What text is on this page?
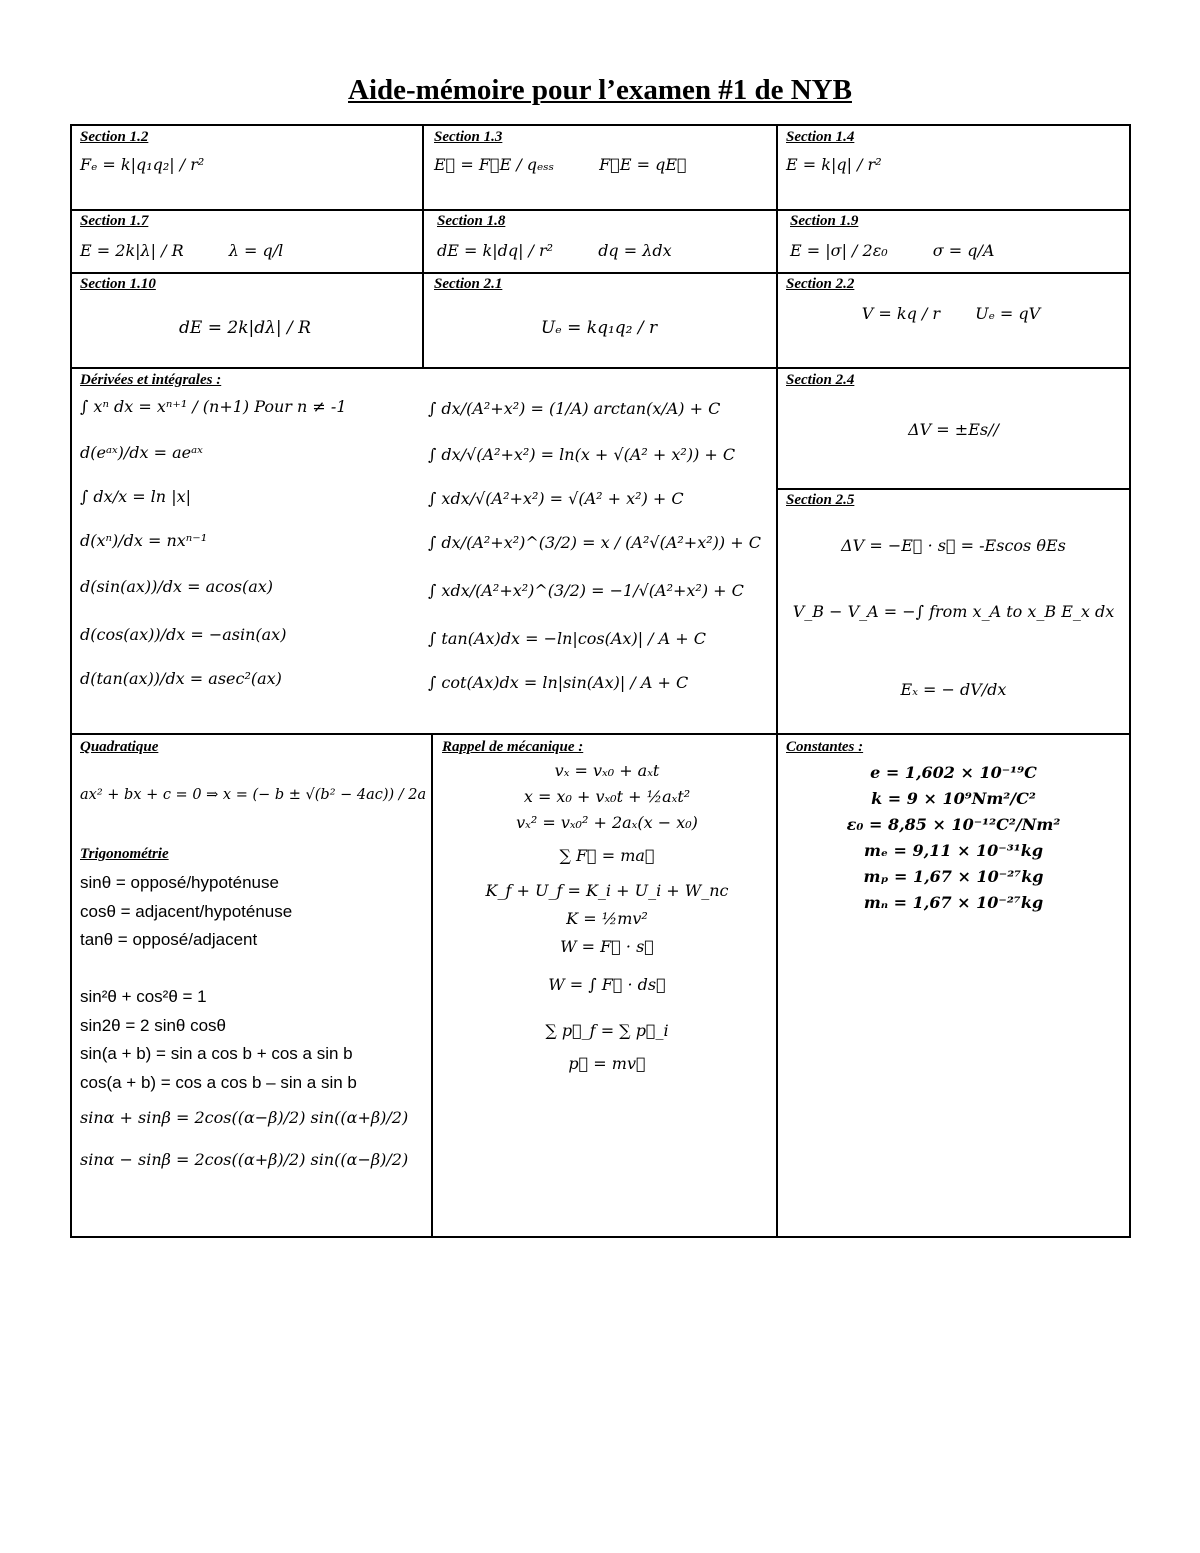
Aide-mémoire pour l’examen #1 de NYB
Section 1.2
Fₑ = k|q₁q₂| / r²
Section 1.3
E⃗ = F⃗E / qₑₛₛ	F⃗E = qE⃗
Section 1.4
E = k|q| / r²
Section 1.7
E = 2k|λ| / R	λ = q/l
Section 1.8
dE = k|dq| / r²	dq = λdx
Section 1.9
E = |σ| / 2ε₀	σ = q/A
Section 1.10
dE = 2k|dλ| / R
Section 2.1
Uₑ = kq₁q₂ / r
Section 2.2
V = kq / r Uₑ = qV
Dérivées et intégrales :
∫ xⁿ dx = xⁿ⁺¹ / (n+1) Pour n ≠ -1
d(eᵃˣ)/dx = aeᵃˣ
∫ dx/x = ln |x|
d(xⁿ)/dx = nxⁿ⁻¹
d(sin(ax))/dx = acos(ax)
d(cos(ax))/dx = −asin(ax)
d(tan(ax))/dx = asec²(ax)
∫ dx/(A²+x²) = (1/A) arctan(x/A) + C
∫ dx/√(A²+x²) = ln(x + √(A² + x²)) + C
∫ xdx/√(A²+x²) = √(A² + x²) + C
∫ dx/(A²+x²)^(3/2) = x / (A²√(A²+x²)) + C
∫ xdx/(A²+x²)^(3/2) = −1/√(A²+x²) + C
∫ tan(Ax)dx = −ln|cos(Ax)| / A + C
∫ cot(Ax)dx = ln|sin(Ax)| / A + C
Section 2.4
ΔV = ±Es//
Section 2.5
ΔV = −E⃗ · s⃗ = -Escos θEs
V_B − V_A = −∫ from x_A to x_B E_x dx
Eₓ = − dV/dx
Quadratique
ax² + bx + c = 0 ⇒ x = (− b ± √(b² − 4ac)) / 2a
Trigonométrie
sinθ = opposé/hypoténuse
cosθ = adjacent/hypoténuse
tanθ = opposé/adjacent
sin²θ + cos²θ = 1
sin2θ = 2 sinθ cosθ
sin(a + b) = sin a cos b + cos a sin b
cos(a + b) = cos a cos b – sin a sin b
sinα + sinβ = 2cos((α−β)/2) sin((α+β)/2)
sinα − sinβ = 2cos((α+β)/2) sin((α−β)/2)
Rappel de mécanique :
vₓ = vₓ₀ + aₓt
x = x₀ + vₓ₀t + ½aₓt²
vₓ² = vₓ₀² + 2aₓ(x − x₀)
∑ F⃗ = ma⃗
K_f + U_f = K_i + U_i + W_nc
K = ½mv²
W = F⃗ · s⃗
W = ∫ F⃗ · ds⃗
∑ p⃗_f = ∑ p⃗_i
p⃗ = mv⃗
Constantes :
e = 1,602 × 10⁻¹⁹C
k = 9 × 10⁹Nm²/C²
ε₀ = 8,85 × 10⁻¹²C²/Nm²
mₑ = 9,11 × 10⁻³¹kg
mₚ = 1,67 × 10⁻²⁷kg
mₙ = 1,67 × 10⁻²⁷kg
